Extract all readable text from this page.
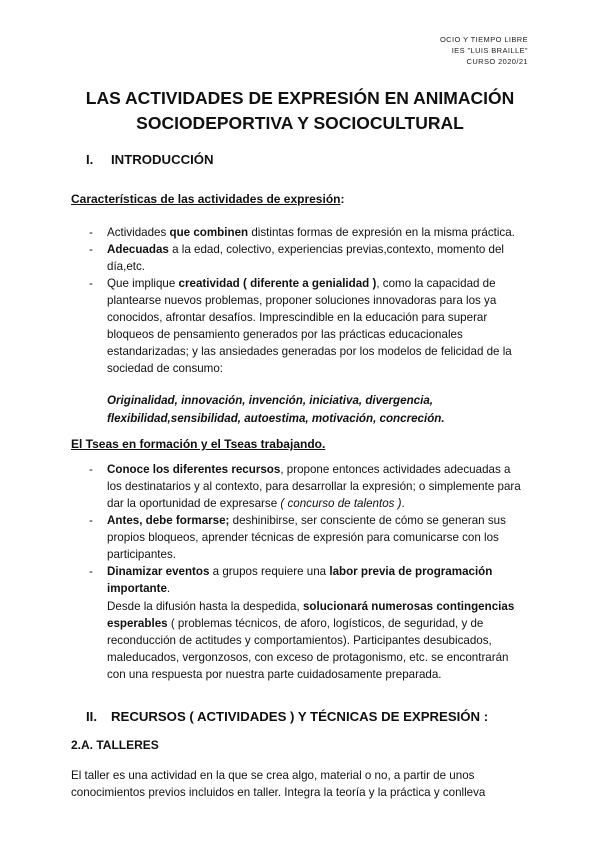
OCIO Y TIEMPO LIBRE
IES "LUIS BRAILLE"
CURSO 2020/21
LAS ACTIVIDADES DE EXPRESIÓN EN ANIMACIÓN
SOCIODEPORTIVA Y SOCIOCULTURAL
I. INTRODUCCIÓN
Características de las actividades de expresión:
- Actividades que combinen distintas formas de expresión en la misma práctica.
- Adecuadas a la edad, colectivo, experiencias previas,contexto, momento del día,etc.
- Que implique creatividad ( diferente a genialidad ), como la capacidad de plantearse nuevos problemas, proponer soluciones innovadoras para los ya conocidos, afrontar desafíos. Imprescindible en la educación para superar bloqueos de pensamiento generados por las prácticas educacionales estandarizadas; y las ansiedades generadas por los modelos de felicidad de la sociedad de consumo:

Originalidad, innovación, invención, iniciativa, divergencia, flexibilidad,sensibilidad, autoestima, motivación, concreción.

El Tseas en formación y el Tseas trabajando.
- Conoce los diferentes recursos, propone entonces actividades adecuadas a los destinatarios y al contexto, para desarrollar la expresión; o simplemente para dar la oportunidad de expresarse ( concurso de talentos ).
- Antes, debe formarse; deshinibirse, ser consciente de cómo se generan sus propios bloqueos, aprender técnicas de expresión para comunicarse con los participantes.
- Dinamizar eventos a grupos requiere una labor previa de programación importante.

Desde la difusión hasta la despedida, solucionará numerosas contingencias esperables ( problemas técnicos, de aforo, logísticos, de seguridad, y de reconducción de actitudes y comportamientos). Participantes desubicados, maleducados, vergonzosos, con exceso de protagonismo, etc. se encontrarán con una respuesta por nuestra parte cuidadosamente preparada.

II. RECURSOS ( ACTIVIDADES ) Y TÉCNICAS DE EXPRESIÓN :
2.A. TALLERES

El taller es una actividad en la que se crea algo, material o no, a partir de unos conocimientos previos incluidos en taller. Integra la teoría y la práctica y conlleva
